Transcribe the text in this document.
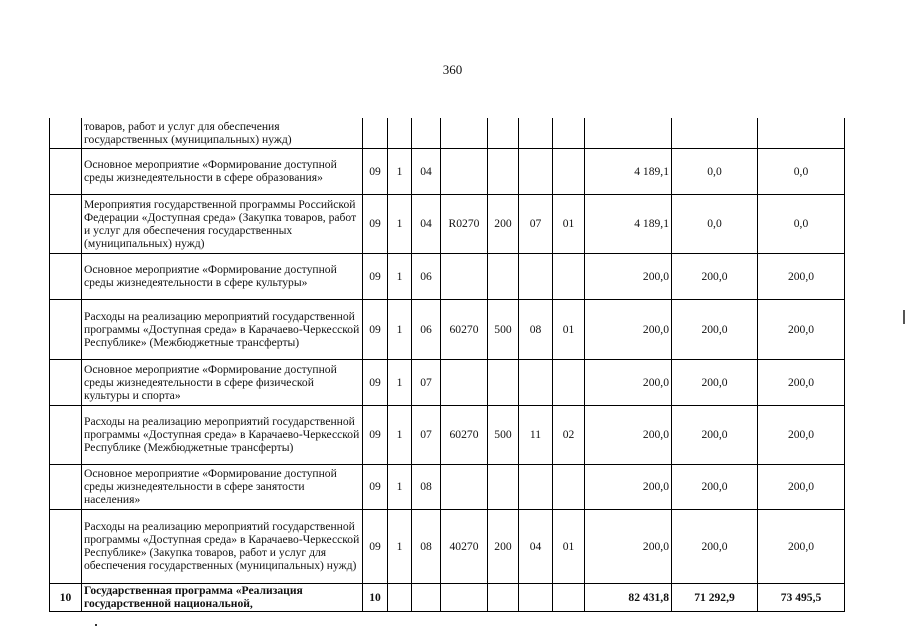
360
	товаров, работ и услуг для обеспечения государственных (муниципальных) нужд)										
	Основное мероприятие «Формирование доступной среды жизнедеятельности в сфере образования»	09	1	04					4 189,1	0,0	0,0
	Мероприятия государственной программы Российской Федерации «Доступная среда» (Закупка товаров, работ и услуг для обеспечения государственных (муниципальных) нужд)	09	1	04	R0270	200	07	01	4 189,1	0,0	0,0
	Основное мероприятие «Формирование доступной среды жизнедеятельности в сфере культуры»	09	1	06					200,0	200,0	200,0
	Расходы на реализацию мероприятий государственной программы «Доступная среда» в Карачаево-Черкесской Республике» (Межбюджетные трансферты)	09	1	06	60270	500	08	01	200,0	200,0	200,0
	Основное мероприятие «Формирование доступной среды жизнедеятельности в сфере физической культуры и спорта»	09	1	07					200,0	200,0	200,0
	Расходы на реализацию мероприятий государственной программы «Доступная среда» в Карачаево-Черкесской Республике (Межбюджетные трансферты)	09	1	07	60270	500	11	02	200,0	200,0	200,0
	Основное мероприятие «Формирование доступной среды жизнедеятельности в сфере занятости населения»	09	1	08					200,0	200,0	200,0
	Расходы на реализацию мероприятий государственной программы «Доступная среда» в Карачаево-Черкесской Республике» (Закупка товаров, работ и услуг для обеспечения государственных (муниципальных) нужд)	09	1	08	40270	200	04	01	200,0	200,0	200,0
10	Государственная программа «Реализация государственной национальной,	10							82 431,8	71 292,9	73 495,5
